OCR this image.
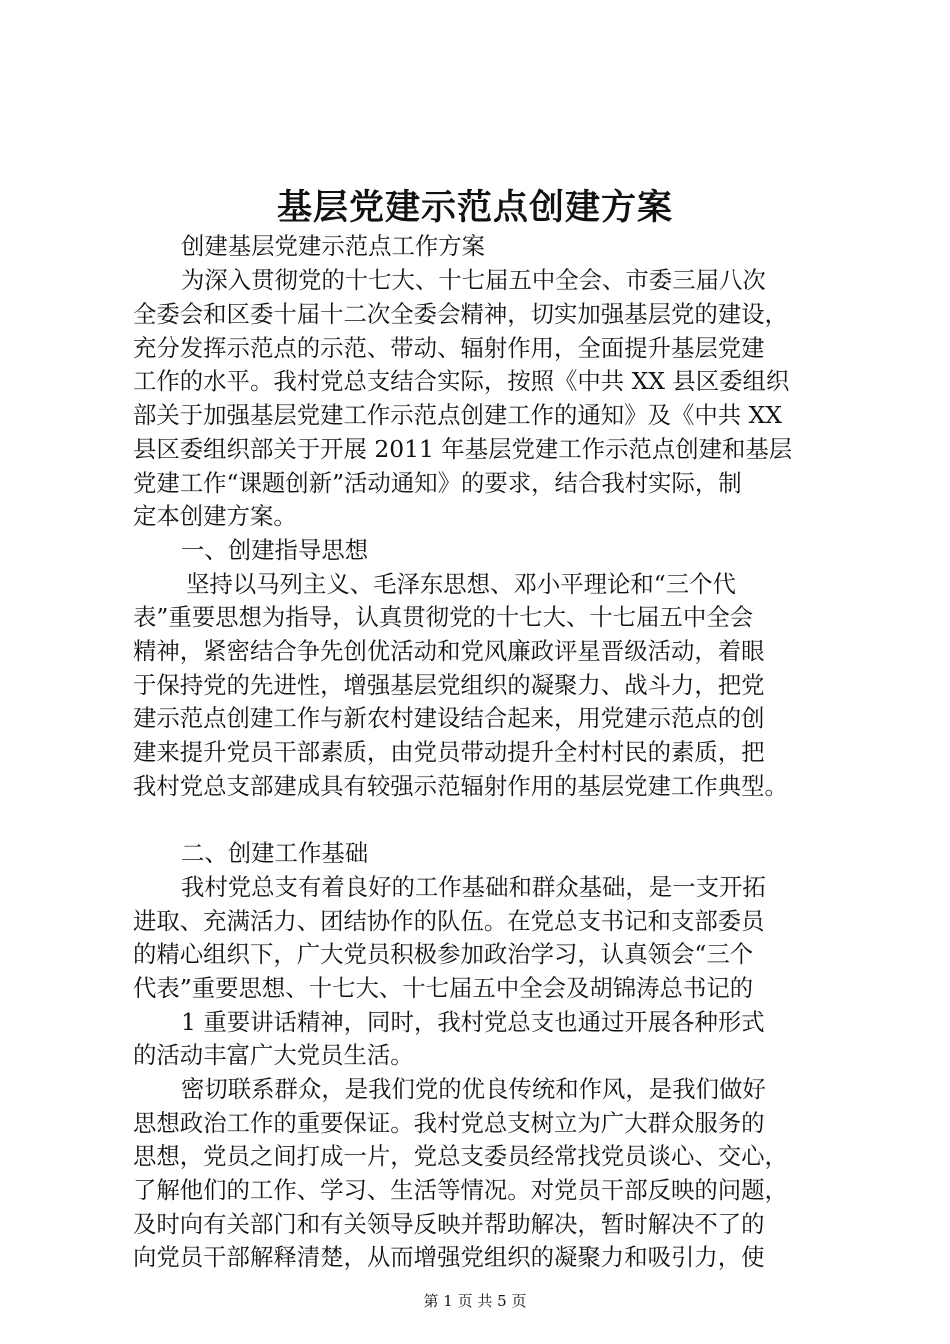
基层党建示范点创建方案

创建基层党建示范点工作方案

为深入贯彻党的十七大、十七届五中全会、市委三届八次

全委会和区委十届十二次全委会精神，切实加强基层党的建设，

充分发挥示范点的示范、带动、辐射作用，全面提升基层党建

工作的水平。我村党总支结合实际，按照《中共 XX 县区委组织

部关于加强基层党建工作示范点创建工作的通知》及《中共 XX

县区委组织部关于开展 2011 年基层党建工作示范点创建和基层

党建工作“课题创新”活动通知》的要求，结合我村实际，制

定本创建方案。

一、创建指导思想

坚持以马列主义、毛泽东思想、邓小平理论和“三个代

表”重要思想为指导，认真贯彻党的十七大、十七届五中全会

精神，紧密结合争先创优活动和党风廉政评星晋级活动，着眼

于保持党的先进性，增强基层党组织的凝聚力、战斗力，把党

建示范点创建工作与新农村建设结合起来，用党建示范点的创

建来提升党员干部素质，由党员带动提升全村村民的素质，把

我村党总支部建成具有较强示范辐射作用的基层党建工作典型。

二、创建工作基础

我村党总支有着良好的工作基础和群众基础，是一支开拓

进取、充满活力、团结协作的队伍。在党总支书记和支部委员

的精心组织下，广大党员积极参加政治学习，认真领会“三个

代表”重要思想、十七大、十七届五中全会及胡锦涛总书记的

1 重要讲话精神，同时，我村党总支也通过开展各种形式

的活动丰富广大党员生活。

密切联系群众，是我们党的优良传统和作风，是我们做好

思想政治工作的重要保证。我村党总支树立为广大群众服务的

思想，党员之间打成一片，党总支委员经常找党员谈心、交心，

了解他们的工作、学习、生活等情况。对党员干部反映的问题，

及时向有关部门和有关领导反映并帮助解决，暂时解决不了的

向党员干部解释清楚，从而增强党组织的凝聚力和吸引力，使

第 1 页 共 5 页
